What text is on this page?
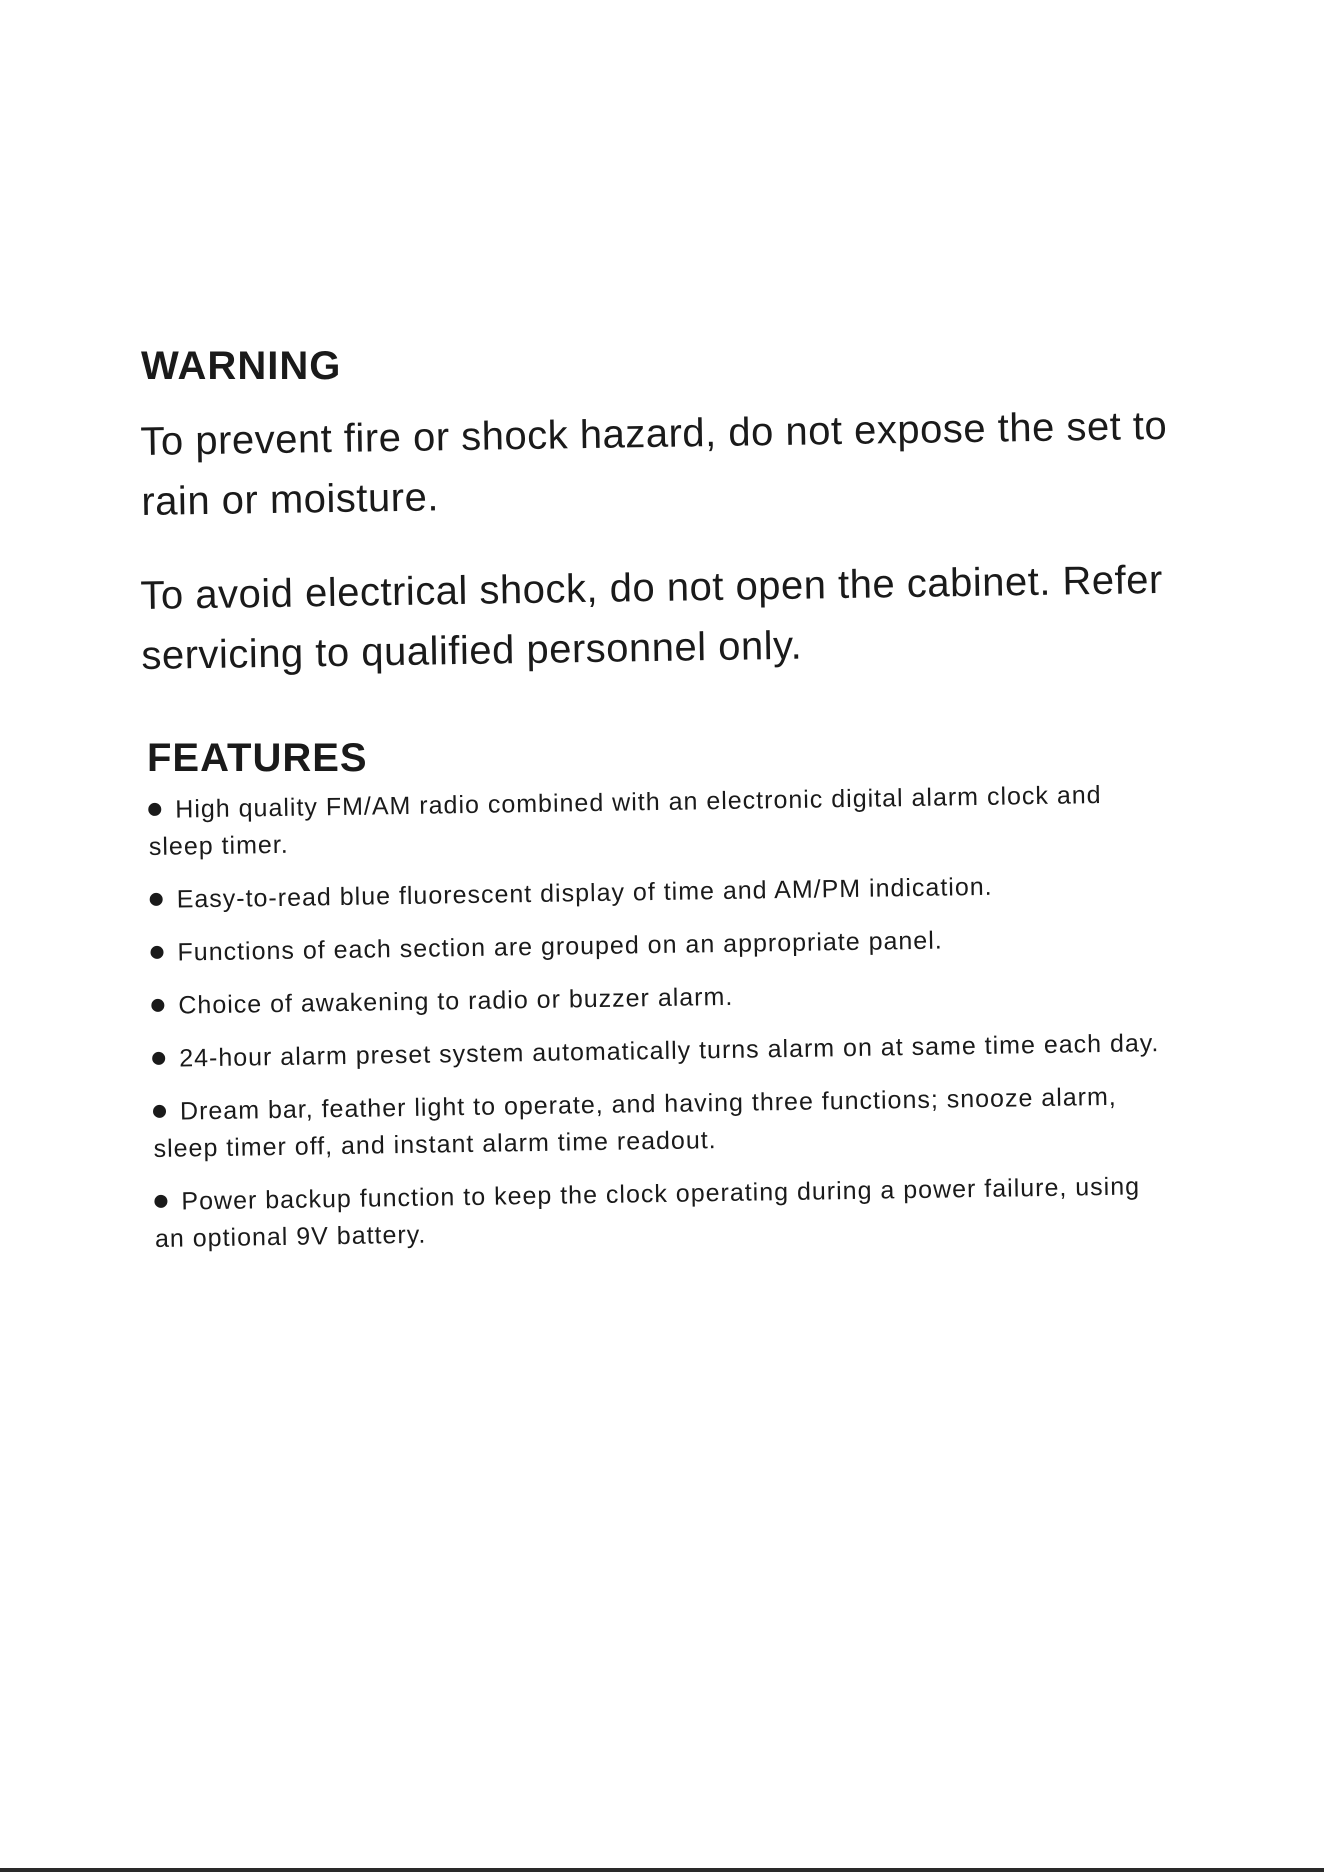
WARNING

To prevent fire or shock hazard, do not expose the set to rain or moisture.

To avoid electrical shock, do not open the cabinet. Refer servicing to qualified personnel only.

FEATURES
High quality FM/AM radio combined with an electronic digital alarm clock and sleep timer.
Easy-to-read blue fluorescent display of time and AM/PM indication.
Functions of each section are grouped on an appropriate panel.
Choice of awakening to radio or buzzer alarm.
24-hour alarm preset system automatically turns alarm on at same time each day.
Dream bar, feather light to operate, and having three functions; snooze alarm, sleep timer off, and instant alarm time readout.
Power backup function to keep the clock operating during a power failure, using an optional 9V battery.
